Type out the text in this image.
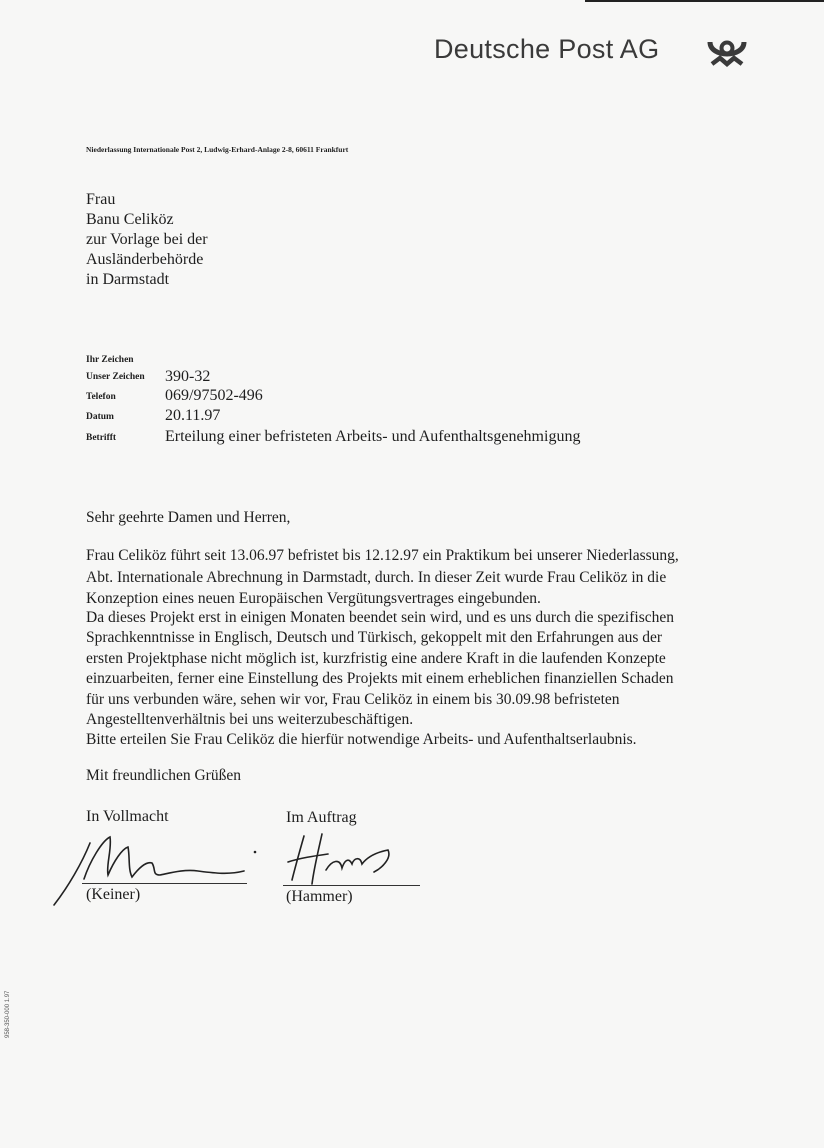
Deutsche Post AG
Niederlassung Internationale Post 2, Ludwig-Erhard-Anlage 2-8, 60611 Frankfurt
Frau
Banu Celiköz
zur Vorlage bei der
Ausländerbehörde
in Darmstadt
Ihr Zeichen
Unser Zeichen 390-32
Telefon	069/97502-496
Datum	20.11.97
Betrifft	Erteilung einer befristeten Arbeits- und Aufenthaltsgenehmigung
Sehr geehrte Damen und Herren,
Frau Celiköz führt seit 13.06.97 befristet bis 12.12.97 ein Praktikum bei unserer Niederlassung,
Abt. Internationale Abrechnung in Darmstadt, durch. In dieser Zeit wurde Frau Celiköz in die
Konzeption eines neuen Europäischen Vergütungsvertrages eingebunden.
Da dieses Projekt erst in einigen Monaten beendet sein wird, und es uns durch die spezifischen
Sprachkenntnisse in Englisch, Deutsch und Türkisch, gekoppelt mit den Erfahrungen aus der
ersten Projektphase nicht möglich ist, kurzfristig eine andere Kraft in die laufenden Konzepte
einzuarbeiten, ferner eine Einstellung des Projekts mit einem erheblichen finanziellen Schaden
für uns verbunden wäre, sehen wir vor, Frau Celiköz in einem bis 30.09.98 befristeten
Angestelltenverhältnis bei uns weiterzubeschäftigen.
Bitte erteilen Sie Frau Celiköz die hierfür notwendige Arbeits- und Aufenthaltserlaubnis.
Mit freundlichen Grüßen
In Vollmacht	Im Auftrag
(Keiner)	(Hammer)
958-350-000 1.97
